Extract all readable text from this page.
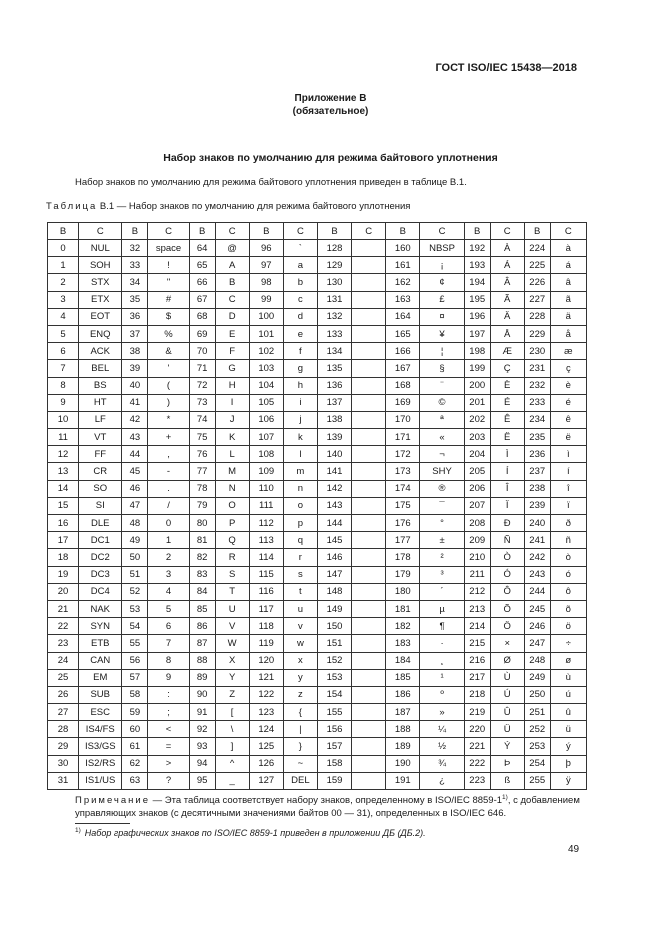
ГОСТ ISO/IEC 15438—2018
Приложение В
(обязательное)
Набор знаков по умолчанию для режима байтового уплотнения
Набор знаков по умолчанию для режима байтового уплотнения приведен в таблице В.1.
Таблица В.1 — Набор знаков по умолчанию для режима байтового уплотнения
B	C	B	C	B	C	B	C	B	C	B	C	B	C	B	C
0	NUL	32	space	64	@	96	`	128		160	NBSP	192	À	224	à
1	SOH	33	!	65	A	97	a	129		161	¡	193	Á	225	á
2	STX	34	"	66	B	98	b	130		162	¢	194	Â	226	â
3	ETX	35	#	67	C	99	c	131		163	£	195	Ã	227	ã
4	EOT	36	$	68	D	100	d	132		164	¤	196	Ä	228	ä
5	ENQ	37	%	69	E	101	e	133		165	¥	197	Å	229	å
6	ACK	38	&	70	F	102	f	134		166	¦	198	Æ	230	æ
7	BEL	39	'	71	G	103	g	135		167	§	199	Ç	231	ç
8	BS	40	(	72	H	104	h	136		168	¨	200	È	232	è
9	HT	41	)	73	I	105	i	137		169	©	201	É	233	é
10	LF	42	*	74	J	106	j	138		170	ª	202	Ê	234	ê
11	VT	43	+	75	K	107	k	139		171	«	203	Ë	235	ë
12	FF	44	,	76	L	108	l	140		172	¬	204	Ì	236	ì
13	CR	45	-	77	M	109	m	141		173	SHY	205	Í	237	í
14	SO	46	.	78	N	110	n	142		174	®	206	Î	238	î
15	SI	47	/	79	O	111	o	143		175	¯	207	Ï	239	ï
16	DLE	48	0	80	P	112	p	144		176	°	208	Ð	240	ð
17	DC1	49	1	81	Q	113	q	145		177	±	209	Ñ	241	ñ
18	DC2	50	2	82	R	114	r	146		178	²	210	Ò	242	ò
19	DC3	51	3	83	S	115	s	147		179	³	211	Ó	243	ó
20	DC4	52	4	84	T	116	t	148		180	´	212	Ô	244	ô
21	NAK	53	5	85	U	117	u	149		181	µ	213	Õ	245	õ
22	SYN	54	6	86	V	118	v	150		182	¶	214	Ö	246	ö
23	ETB	55	7	87	W	119	w	151		183	·	215	×	247	÷
24	CAN	56	8	88	X	120	x	152		184	¸	216	Ø	248	ø
25	EM	57	9	89	Y	121	y	153		185	¹	217	Ù	249	ù
26	SUB	58	:	90	Z	122	z	154		186	º	218	Ú	250	ú
27	ESC	59	;	91	[	123	{	155		187	»	219	Û	251	û
28	IS4/FS	60	<	92	\	124	|	156		188	¼	220	Ü	252	ü
29	IS3/GS	61	=	93	]	125	}	157		189	½	221	Ý	253	ý
30	IS2/RS	62	>	94	^	126	~	158		190	¾	222	Þ	254	þ
31	IS1/US	63	?	95	_	127	DEL	159		191	¿	223	ß	255	ÿ
Примечание — Эта таблица соответствует набору знаков, определенному в ISO/IEC 8859-1$^{1)}$, с добавлением управляющих знаков (с десятичными значениями байтов 00 — 31), определенных в ISO/IEC 646.
$^{1)}$ Набор графических знаков по ISO/IEC 8859-1 приведен в приложении ДБ (ДБ.2).
49
